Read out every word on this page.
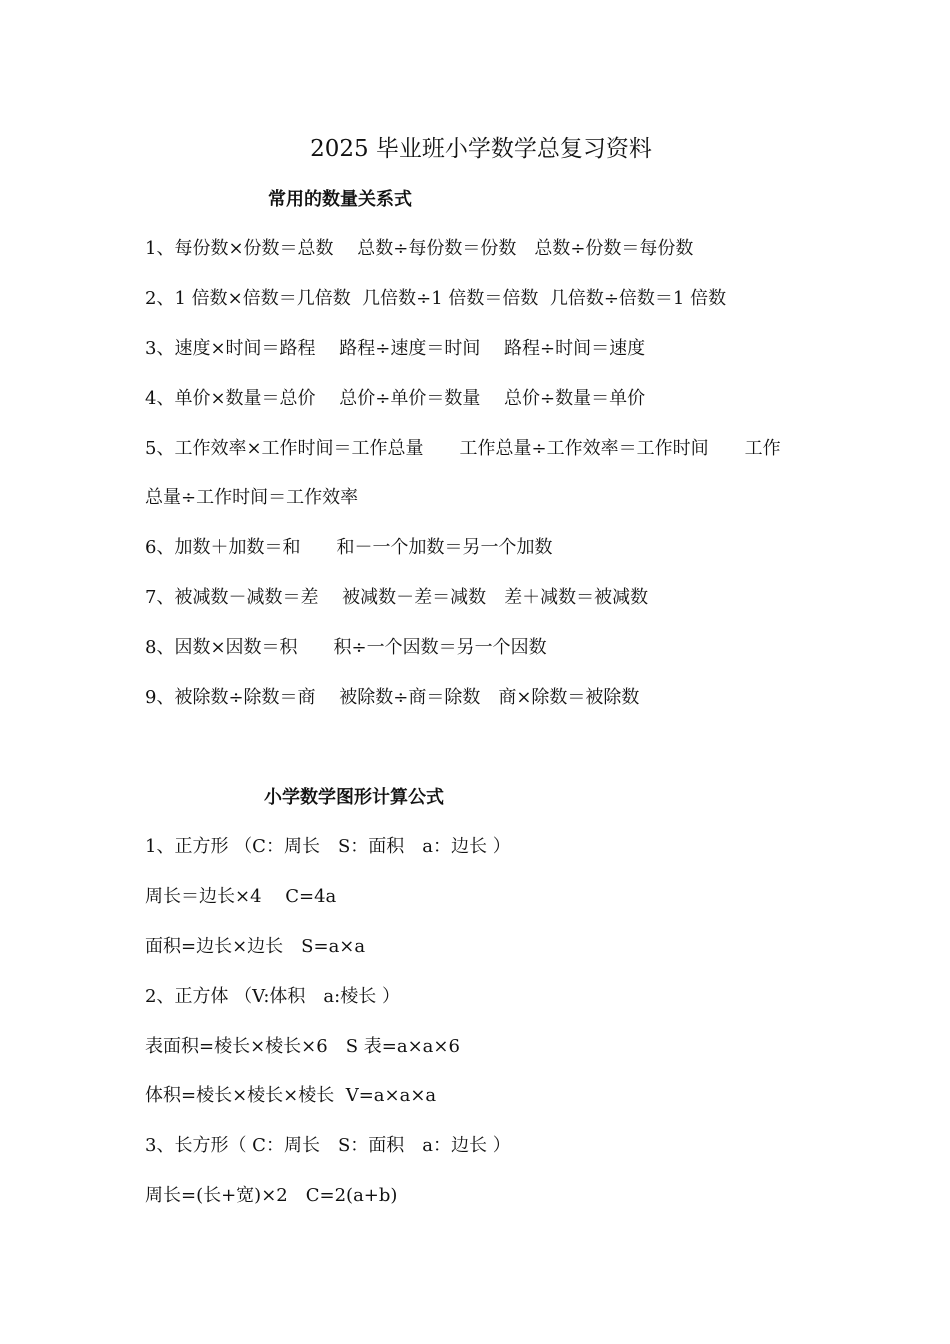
2025 毕业班小学数学总复习资料
常用的数量关系式
1、每份数×份数＝总数　 总数÷每份数＝份数　总数÷份数＝每份数
2、1 倍数×倍数＝几倍数  几倍数÷1 倍数＝倍数  几倍数÷倍数＝1 倍数
3、速度×时间＝路程　 路程÷速度＝时间　 路程÷时间＝速度
4、单价×数量＝总价　 总价÷单价＝数量　 总价÷数量＝单价
5、工作效率×工作时间＝工作总量　　工作总量÷工作效率＝工作时间　　工作
总量÷工作时间＝工作效率
6、加数＋加数＝和　　和－一个加数＝另一个加数
7、被减数－减数＝差　 被减数－差＝减数　差＋减数＝被减数
8、因数×因数＝积　　积÷一个因数＝另一个因数
9、被除数÷除数＝商　 被除数÷商＝除数　商×除数＝被除数
小学数学图形计算公式
1、正方形 （C：周长　S：面积　a：边长 ）
周长＝边长×4　 C=4a
面积=边长×边长　S=a×a
2、正方体 （V:体积　a:棱长 ）
表面积=棱长×棱长×6　S 表=a×a×6
体积=棱长×棱长×棱长  V=a×a×a
3、长方形（ C：周长　S：面积　a：边长 ）
周长=(长+宽)×2　C=2(a+b)
